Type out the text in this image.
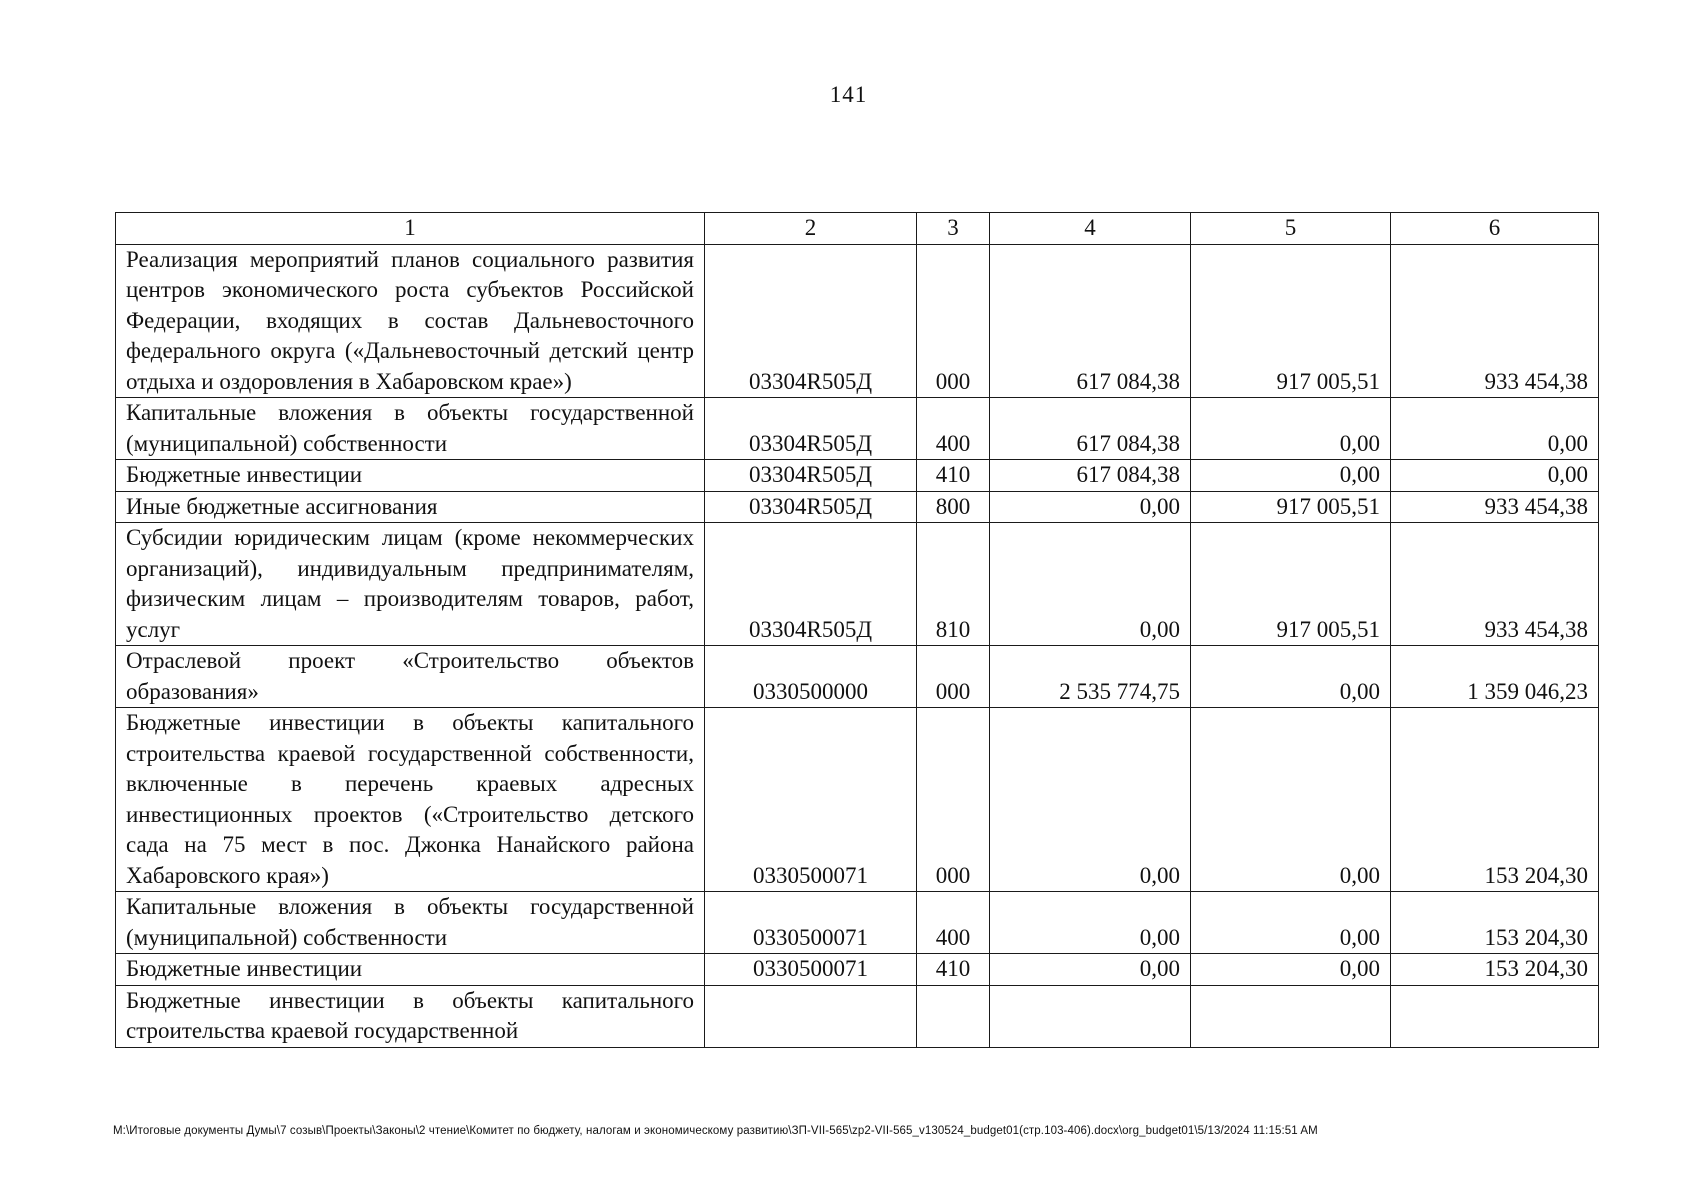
141
1	2	3	4	5	6
Реализация мероприятий планов социального развития центров экономического роста субъектов Российской Федерации, входящих в состав Дальневосточного федерального округа («Дальневосточный детский центр отдыха и оздоровления в Хабаровском крае»)	03304R505Д	000	617 084,38	917 005,51	933 454,38
Капитальные вложения в объекты государственной (муниципальной) собственности	03304R505Д	400	617 084,38	0,00	0,00
Бюджетные инвестиции	03304R505Д	410	617 084,38	0,00	0,00
Иные бюджетные ассигнования	03304R505Д	800	0,00	917 005,51	933 454,38
Субсидии юридическим лицам (кроме некоммерческих организаций), индивидуальным предпринимателям, физическим лицам – производителям товаров, работ, услуг	03304R505Д	810	0,00	917 005,51	933 454,38
Отраслевой проект «Строительство объектов образования»	0330500000	000	2 535 774,75	0,00	1 359 046,23
Бюджетные инвестиции в объекты капитального строительства краевой государственной собственности, включенные в перечень краевых адресных инвестиционных проектов («Строительство детского сада на 75 мест в пос. Джонка Нанайского района Хабаровского края»)	0330500071	000	0,00	0,00	153 204,30
Капитальные вложения в объекты государственной (муниципальной) собственности	0330500071	400	0,00	0,00	153 204,30
Бюджетные инвестиции	0330500071	410	0,00	0,00	153 204,30
Бюджетные инвестиции в объекты капитального строительства краевой государственной					
M:\Итоговые документы Думы\7 созыв\Проекты\Законы\2 чтение\Комитет по бюджету, налогам и экономическому развитию\ЗП-VII-565\zp2-VII-565_v130524_budget01(стр.103-406).docx\org_budget01\5/13/2024 11:15:51 AM
